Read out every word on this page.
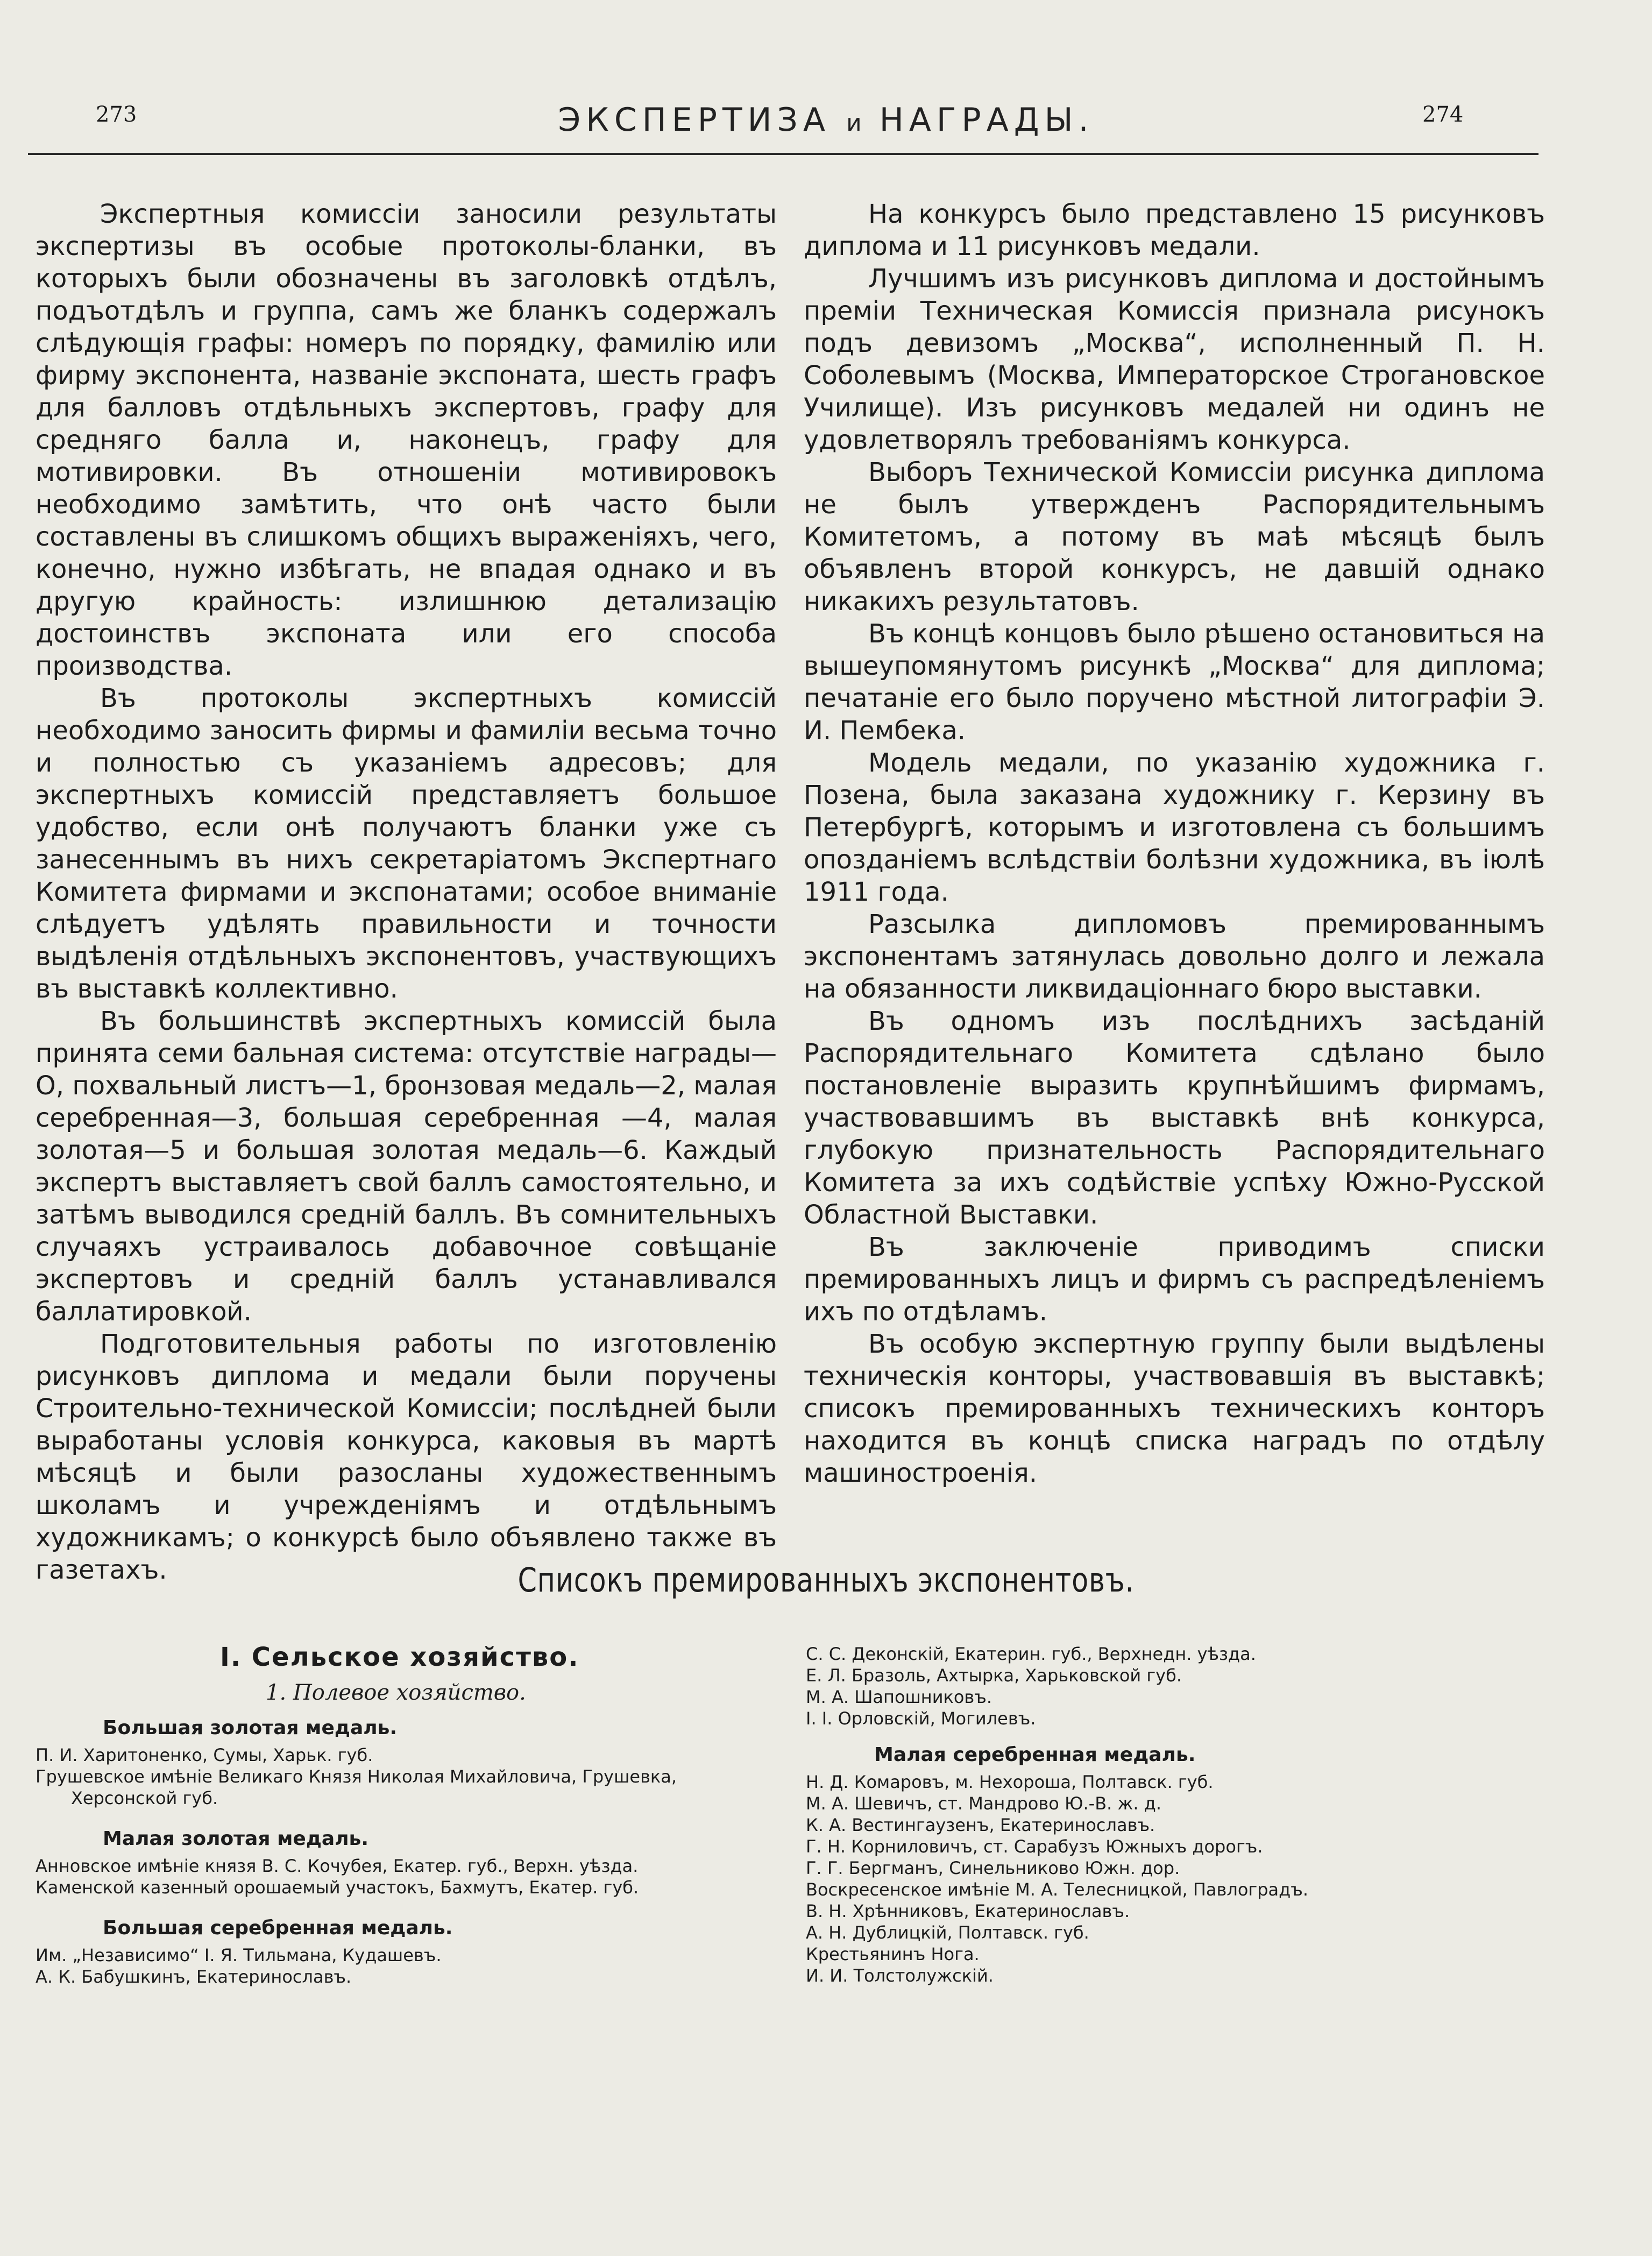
273	ЭКСПЕРТИЗА и НАГРАДЫ.	274

Экспертныя комиссіи заносили результаты экспертизы въ особые протоколы-бланки, въ которыхъ были обозначены въ заголовкѣ отдѣлъ, подъотдѣлъ и группа, самъ же бланкъ содержалъ слѣдующія графы: номеръ по порядку, фамилію или фирму экспонента, названіе экспоната, шесть графъ для балловъ отдѣльныхъ экспертовъ, графу для средняго балла и, наконецъ, графу для мотивировки. Въ отношеніи мотивировокъ необходимо замѣтить, что онѣ часто были составлены въ слишкомъ общихъ выраженіяхъ, чего, конечно, нужно избѣгать, не впадая однако и въ другую крайность: излишнюю детализацію достоинствъ экспоната или его способа производства.

Въ протоколы экспертныхъ комиссій необходимо заносить фирмы и фамиліи весьма точно и полностью съ указаніемъ адресовъ; для экспертныхъ комиссій представляетъ большое удобство, если онѣ получаютъ бланки уже съ занесеннымъ въ нихъ секретаріатомъ Экспертнаго Комитета фирмами и экспонатами; особое вниманіе слѣдуетъ удѣлять правильности и точности выдѣленія отдѣльныхъ экспонентовъ, участвующихъ въ выставкѣ коллективно.

Въ большинствѣ экспертныхъ комиссій была принята семи бальная система: отсутствіе награды—О, похвальный листъ—1, бронзовая медаль—2, малая серебренная—3, большая серебренная —4, малая золотая—5 и большая золотая медаль—6. Каждый экспертъ выставляетъ свой баллъ самостоятельно, и затѣмъ выводился средній баллъ. Въ сомнительныхъ случаяхъ устраивалось добавочное совѣщаніе экспертовъ и средній баллъ устанавливался баллатировкой.

Подготовительныя работы по изготовленію рисунковъ диплома и медали были поручены Строительно-технической Комиссіи; послѣдней были выработаны условія конкурса, каковыя въ мартѣ мѣсяцѣ и были разосланы художественнымъ школамъ и учрежденіямъ и отдѣльнымъ художникамъ; о конкурсѣ было объявлено также въ газетахъ.

На конкурсъ было представлено 15 рисунковъ диплома и 11 рисунковъ медали.

Лучшимъ изъ рисунковъ диплома и достойнымъ преміи Техническая Комиссія признала рисунокъ подъ девизомъ „Москва“, исполненный П. Н. Соболевымъ (Москва, Императорское Строгановское Училище). Изъ рисунковъ медалей ни одинъ не удовлетворялъ требованіямъ конкурса.

Выборъ Технической Комиссіи рисунка диплома не былъ утвержденъ Распорядительнымъ Комитетомъ, а потому въ маѣ мѣсяцѣ былъ объявленъ второй конкурсъ, не давшій однако никакихъ результатовъ.

Въ концѣ концовъ было рѣшено остановиться на вышеупомянутомъ рисункѣ „Москва“ для диплома; печатаніе его было поручено мѣстной литографіи Э. И. Пембека.

Модель медали, по указанію художника г. Позена, была заказана художнику г. Керзину въ Петербургѣ, которымъ и изготовлена съ большимъ опозданіемъ вслѣдствіи болѣзни художника, въ іюлѣ 1911 года.

Разсылка дипломовъ премированнымъ экспонентамъ затянулась довольно долго и лежала на обязанности ликвидаціоннаго бюро выставки.

Въ одномъ изъ послѣднихъ засѣданій Распорядительнаго Комитета сдѣлано было постановленіе выразить крупнѣйшимъ фирмамъ, участвовавшимъ въ выставкѣ внѣ конкурса, глубокую признательность Распорядительнаго Комитета за ихъ содѣйствіе успѣху Южно-Русской Областной Выставки.

Въ заключеніе приводимъ списки премированныхъ лицъ и фирмъ съ распредѣленіемъ ихъ по отдѣламъ.

Въ особую экспертную группу были выдѣлены техническія конторы, участвовавшія въ выставкѣ; списокъ премированныхъ техническихъ конторъ находится въ концѣ списка наградъ по отдѣлу машиностроенія.

Списокъ премированныхъ экспонентовъ.
I. Сельское хозяйство.
1. Полевое хозяйство.
Большая золотая медаль.
П. И. Харитоненко, Сумы, Харьк. губ.
Грушевское имѣніе Великаго Князя Николая Михайловича, Грушевка,
Херсонской губ.
Малая золотая медаль.
Анновское имѣніе князя В. С. Кочубея, Екатер. губ., Верхн. уѣзда.
Каменской казенный орошаемый участокъ, Бахмутъ, Екатер. губ.
Большая серебренная медаль.
Им. „Независимо“ I. Я. Тильмана, Кудашевъ.
А. К. Бабушкинъ, Екатеринославъ.
С. С. Деконскій, Екатерин. губ., Верхнедн. уѣзда.
Е. Л. Бразоль, Ахтырка, Харьковской губ.
М. А. Шапошниковъ.
I. I. Орловскій, Могилевъ.
Малая серебренная медаль.
Н. Д. Комаровъ, м. Нехороша, Полтавск. губ.
М. А. Шевичъ, ст. Мандрово Ю.-В. ж. д.
К. А. Вестингаузенъ, Екатеринославъ.
Г. Н. Корниловичъ, ст. Сарабузъ Южныхъ дорогъ.
Г. Г. Бергманъ, Синельниково Южн. дор.
Воскресенское имѣніе М. А. Телесницкой, Павлоградъ.
В. Н. Хрѣнниковъ, Екатеринославъ.
А. Н. Дублицкій, Полтавск. губ.
Крестьянинъ Нога.
И. И. Толстолужскій.
